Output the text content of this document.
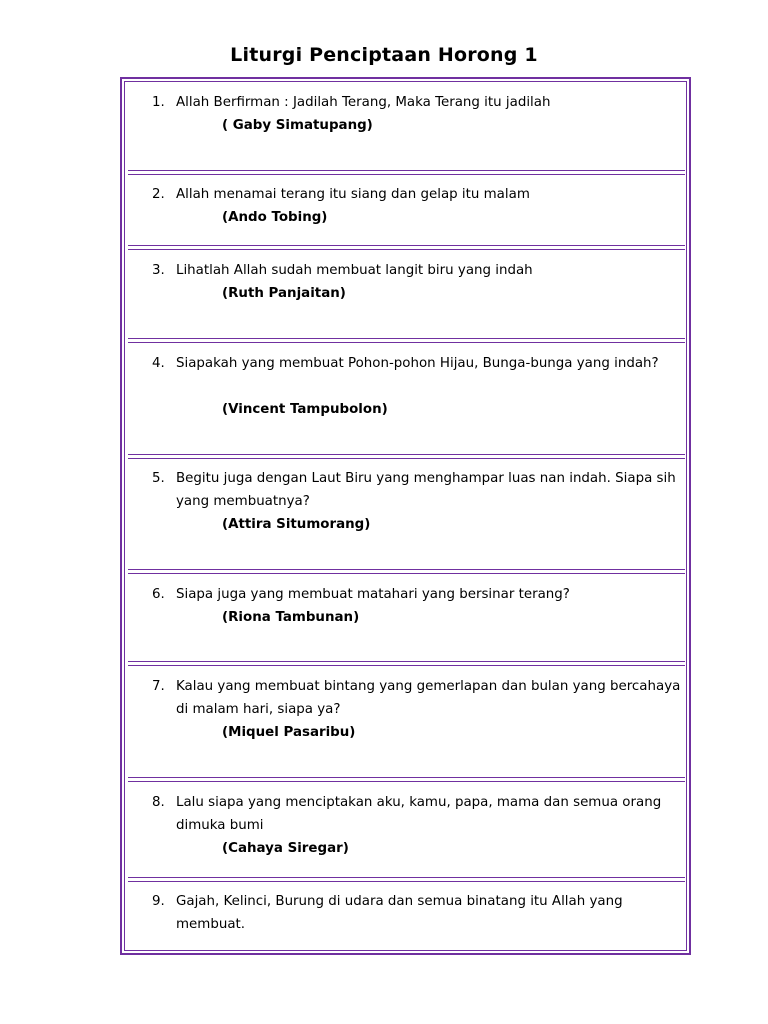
Liturgi Penciptaan Horong 1
1. Allah Berfirman : Jadilah Terang, Maka Terang itu jadilah
( Gaby Simatupang)
2. Allah menamai terang itu siang dan gelap itu malam
(Ando Tobing)
3. Lihatlah Allah sudah membuat langit biru yang indah
(Ruth Panjaitan)
4. Siapakah yang membuat Pohon-pohon Hijau, Bunga-bunga yang indah?
(Vincent Tampubolon)
5. Begitu juga dengan Laut Biru yang menghampar luas nan indah. Siapa sih yang membuatnya?
(Attira Situmorang)
6. Siapa juga yang membuat matahari yang bersinar terang?
(Riona Tambunan)
7. Kalau yang membuat bintang yang gemerlapan dan bulan yang bercahaya di malam hari, siapa ya?
(Miquel Pasaribu)
8. Lalu siapa yang menciptakan aku, kamu, papa, mama dan semua orang dimuka bumi
(Cahaya Siregar)
9. Gajah, Kelinci, Burung di udara dan semua binatang itu Allah yang membuat.
